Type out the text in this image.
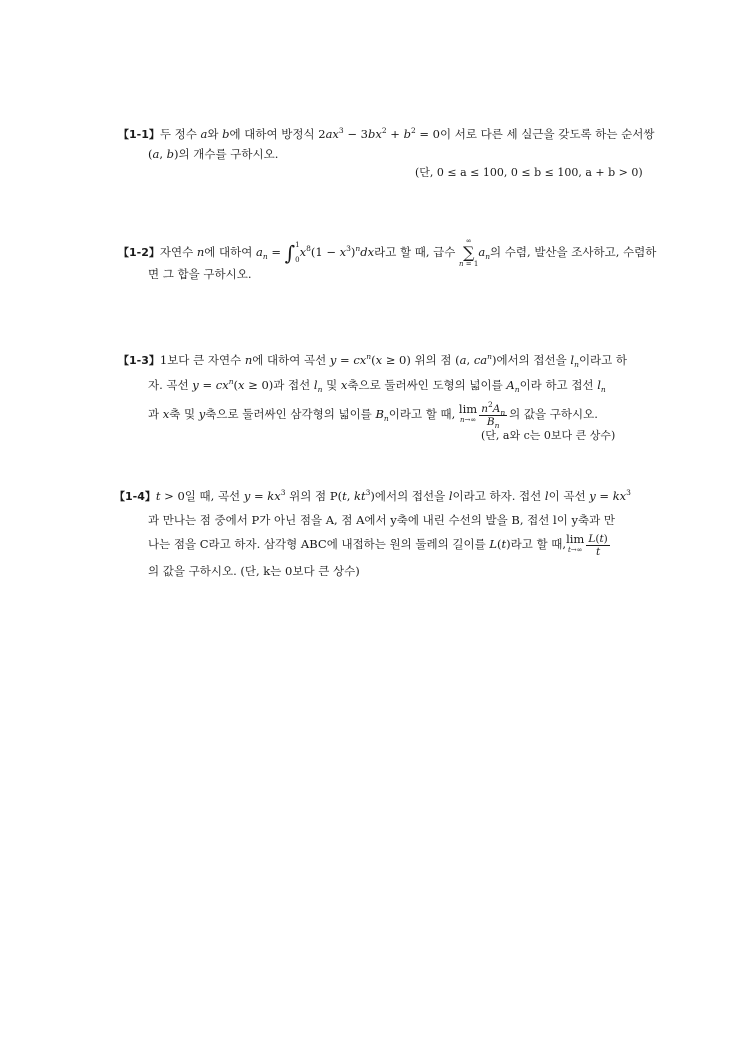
【1-1】두 정수 a와 b에 대하여 방정식 $2ax^3 - 3bx^2 + b^2 = 0$이 서로 다른 세 실근을 갖도록 하는 순서쌍
(a, b)의 개수를 구하시오.
(단, 0 ≤ a ≤ 100, 0 ≤ b ≤ 100, a + b > 0)
【1-2】자연수 n에 대하여 $a_n$ = ∫ 1
0
$x^8(1 - x^3)^ndx$라고 할 때, 급수
∞
∑
n = 1
$a_n$의 수렴, 발산을 조사하고, 수렴하
면 그 합을 구하시오.
【1-3】1보다 큰 자연수 n에 대하여 곡선 $y = cx^n(x \ge 0)$ 위의 점 (a, $ca^n$)에서의 접선을 $l_n$이라고 하
자. 곡선 $y = cx^n(x \ge 0)$과 접선 $l_n$ 및 x축으로 둘러싸인 도형의 넓이를 $A_n$이라 하고 접선 $l_n$
과 x축 및 y축으로 둘러싸인 삼각형의 넓이를 $B_n$이라고 할 때, lim
$n\to\infty \frac{n^2A_n}{B_n}$ 의 값을 구하시오.
(단, a와 c는 0보다 큰 상수)
【1-4】t > 0일 때, 곡선 $y = kx^3$ 위의 점 P(t, $kt^3$)에서의 접선을 l이라고 하자. 접선 l이 곡선 $y = kx^3$
과 만나는 점 중에서 P가 아닌 점을 A, 점 A에서 y축에 내린 수선의 발을 B, 접선 l이 y축과 만
나는 점을 C라고 하자. 삼각형 ABC에 내접하는 원의 둘레의 길이를 L(t)라고 할 때, lim
$t\to\infty \frac{L(t)}{t}$
의 값을 구하시오. (단, k는 0보다 큰 상수)
